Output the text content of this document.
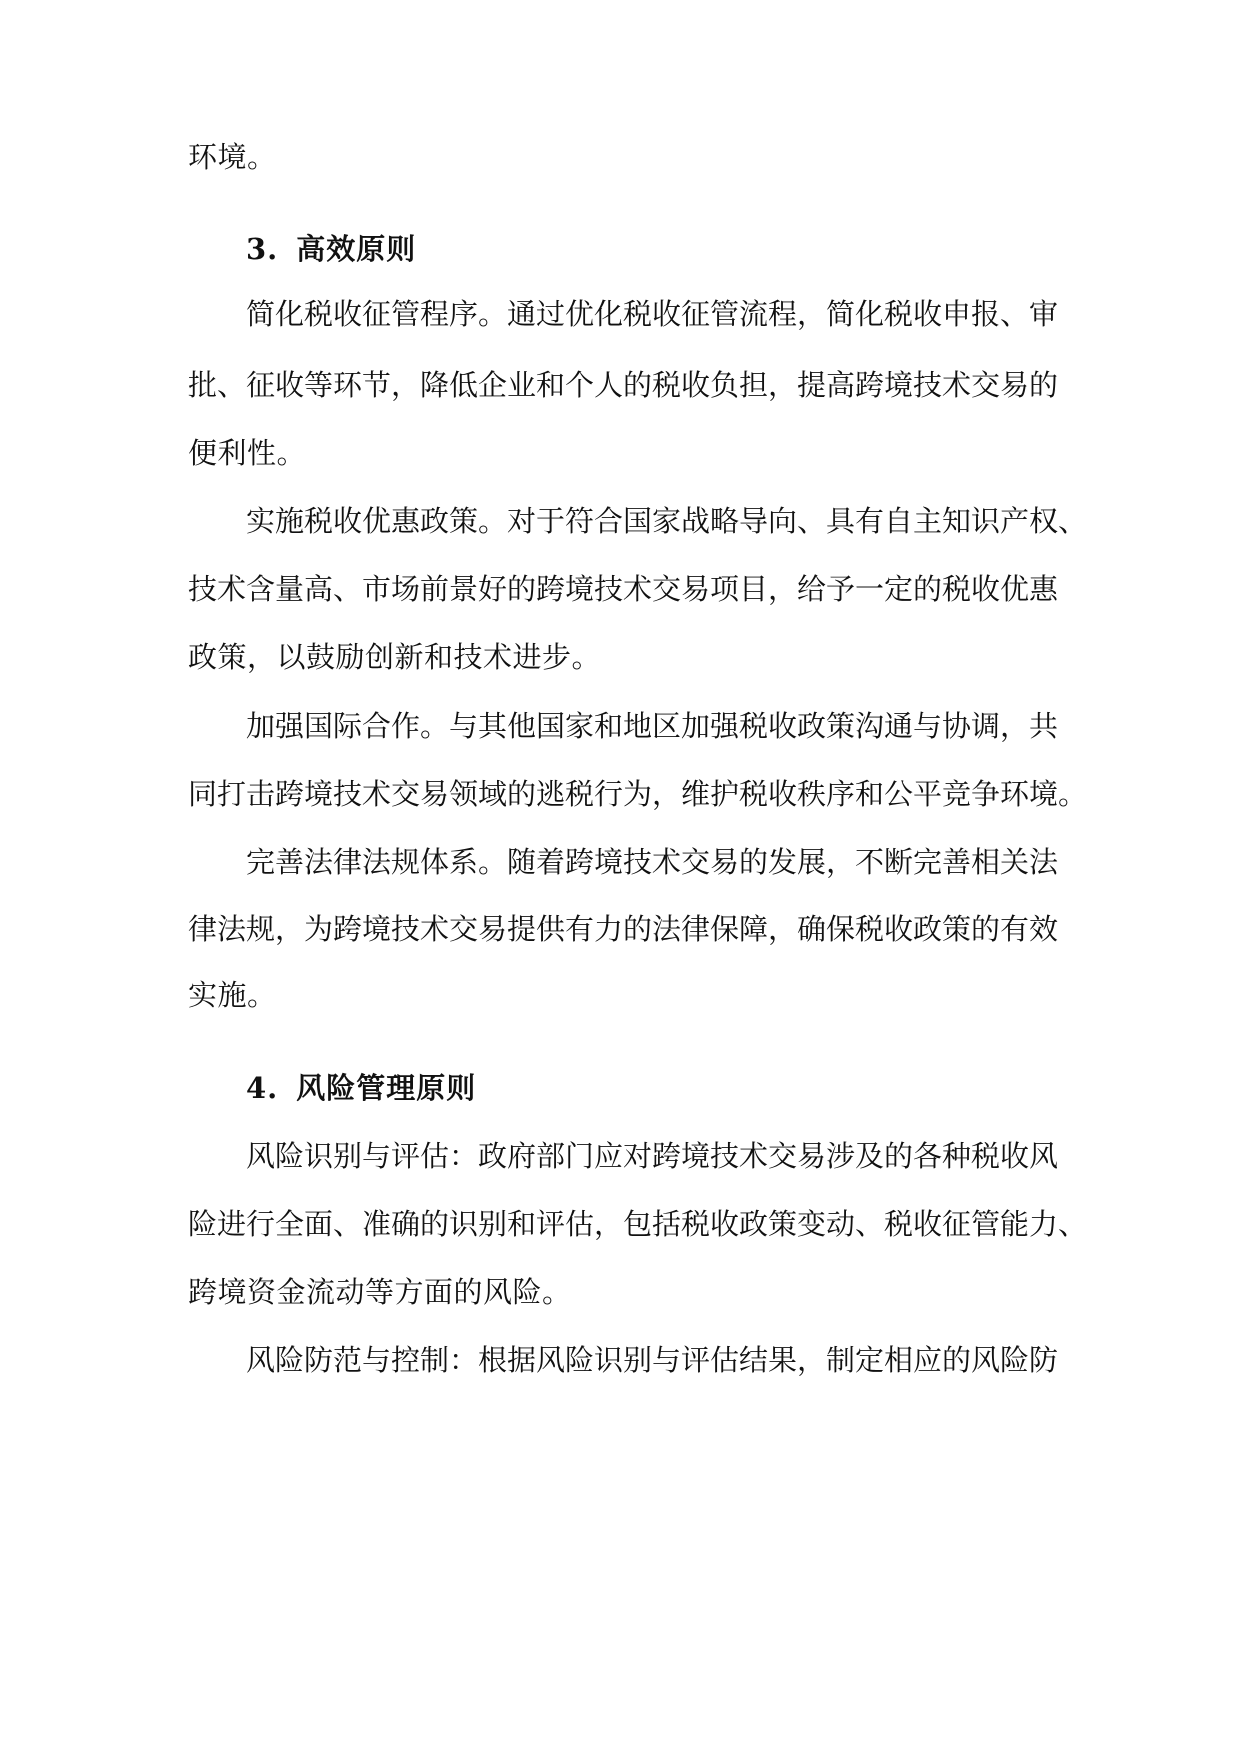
环境。
3. 高效原则
简化税收征管程序。通过优化税收征管流程，简化税收申报、审
批、征收等环节，降低企业和个人的税收负担，提高跨境技术交易的
便利性。
实施税收优惠政策。对于符合国家战略导向、具有自主知识产权、
技术含量高、市场前景好的跨境技术交易项目，给予一定的税收优惠
政策，以鼓励创新和技术进步。
加强国际合作。与其他国家和地区加强税收政策沟通与协调，共
同打击跨境技术交易领域的逃税行为，维护税收秩序和公平竞争环境。
完善法律法规体系。随着跨境技术交易的发展，不断完善相关法
律法规，为跨境技术交易提供有力的法律保障，确保税收政策的有效
实施。
4. 风险管理原则
风险识别与评估：政府部门应对跨境技术交易涉及的各种税收风
险进行全面、准确的识别和评估，包括税收政策变动、税收征管能力、
跨境资金流动等方面的风险。
风险防范与控制：根据风险识别与评估结果，制定相应的风险防
